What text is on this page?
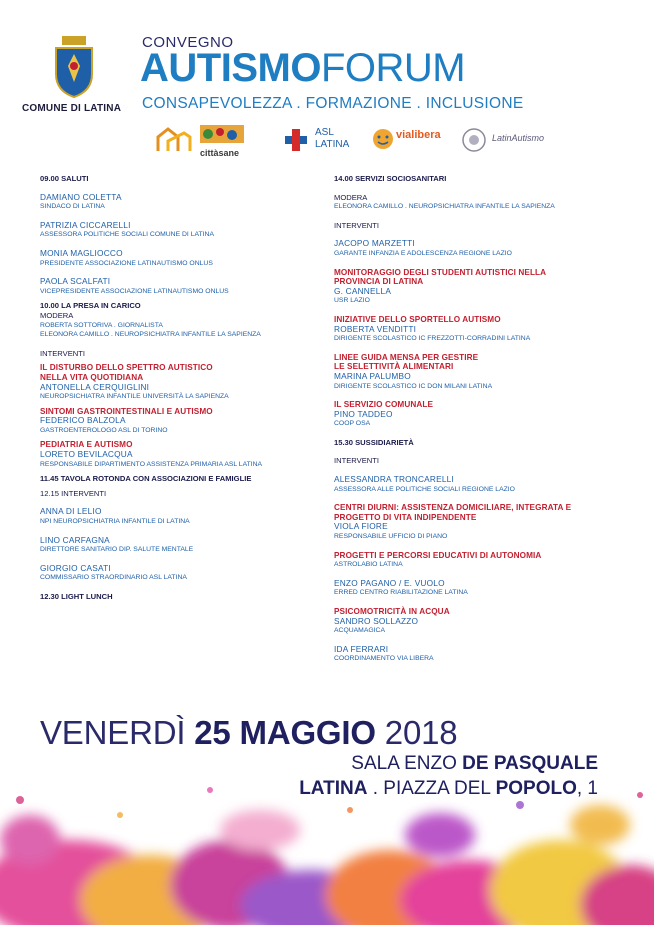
COMUNE DI LATINA
CONVEGNO
AUTISMOFORUM
CONSAPEVOLEZZA . FORMAZIONE . INCLUSIONE
cittàsane
ASL
LATINA
vialibera	LatinAutismo
09.00 SALUTI
DAMIANO COLETTA
SINDACO DI LATINA
PATRIZIA CICCARELLI
ASSESSORA POLITICHE SOCIALI COMUNE DI LATINA
MONIA MAGLIOCCO
PRESIDENTE ASSOCIAZIONE LATINAUTISMO ONLUS
PAOLA SCALFATI
VICEPRESIDENTE ASSOCIAZIONE LATINAUTISMO ONLUS
10.00 LA PRESA IN CARICO
MODERA
ROBERTA SOTTORIVA . GIORNALISTA
ELEONORA CAMILLO . NEUROPSICHIATRA INFANTILE LA SAPIENZA
INTERVENTI
IL DISTURBO DELLO SPETTRO AUTISTICO
NELLA VITA QUOTIDIANA
ANTONELLA CERQUIGLINI
NEUROPSICHIATRA INFANTILE UNIVERSITÀ LA SAPIENZA
SINTOMI GASTROINTESTINALI E AUTISMO
FEDERICO BALZOLA
GASTROENTEROLOGO ASL DI TORINO
PEDIATRIA E AUTISMO
LORETO BEVILACQUA
RESPONSABILE DIPARTIMENTO ASSISTENZA PRIMARIA ASL LATINA
11.45 TAVOLA ROTONDA CON ASSOCIAZIONI E FAMIGLIE
12.15 INTERVENTI
ANNA DI LELIO
NPI NEUROPSICHIATRIA INFANTILE DI LATINA
LINO CARFAGNA
DIRETTORE SANITARIO DIP. SALUTE MENTALE
GIORGIO CASATI
COMMISSARIO STRAORDINARIO ASL LATINA
12.30 LIGHT LUNCH
14.00 SERVIZI SOCIOSANITARI
MODERA
ELEONORA CAMILLO . NEUROPSICHIATRA INFANTILE LA SAPIENZA
INTERVENTI
JACOPO MARZETTI
GARANTE INFANZIA E ADOLESCENZA REGIONE LAZIO
MONITORAGGIO DEGLI STUDENTI AUTISTICI NELLA
PROVINCIA DI LATINA
G. CANNELLA
USR LAZIO
INIZIATIVE DELLO SPORTELLO AUTISMO
ROBERTA VENDITTI
DIRIGENTE SCOLASTICO IC FREZZOTTI-CORRADINI LATINA
LINEE GUIDA MENSA PER GESTIRE
LE SELETTIVITÀ ALIMENTARI
MARINA PALUMBO
DIRIGENTE SCOLASTICO IC DON MILANI LATINA
IL SERVIZIO COMUNALE
PINO TADDEO
COOP OSA
15.30 SUSSIDIARIETÀ
INTERVENTI
ALESSANDRA TRONCARELLI
ASSESSORA ALLE POLITICHE SOCIALI REGIONE LAZIO
CENTRI DIURNI: ASSISTENZA DOMICILIARE, INTEGRATA E
PROGETTO DI VITA INDIPENDENTE
VIOLA FIORE
RESPONSABILE UFFICIO DI PIANO
PROGETTI E PERCORSI EDUCATIVI DI AUTONOMIA
ASTROLABIO LATINA
ENZO PAGANO / E. VUOLO
ERRED CENTRO RIABILITAZIONE LATINA
PSICOMOTRICITÀ IN ACQUA
SANDRO SOLLAZZO
ACQUAMAGICA
IDA FERRARI
COORDINAMENTO VIA LIBERA
VENERDÌ 25 MAGGIO 2018
SALA ENZO DE PASQUALE
LATINA . PIAZZA DEL POPOLO, 1
